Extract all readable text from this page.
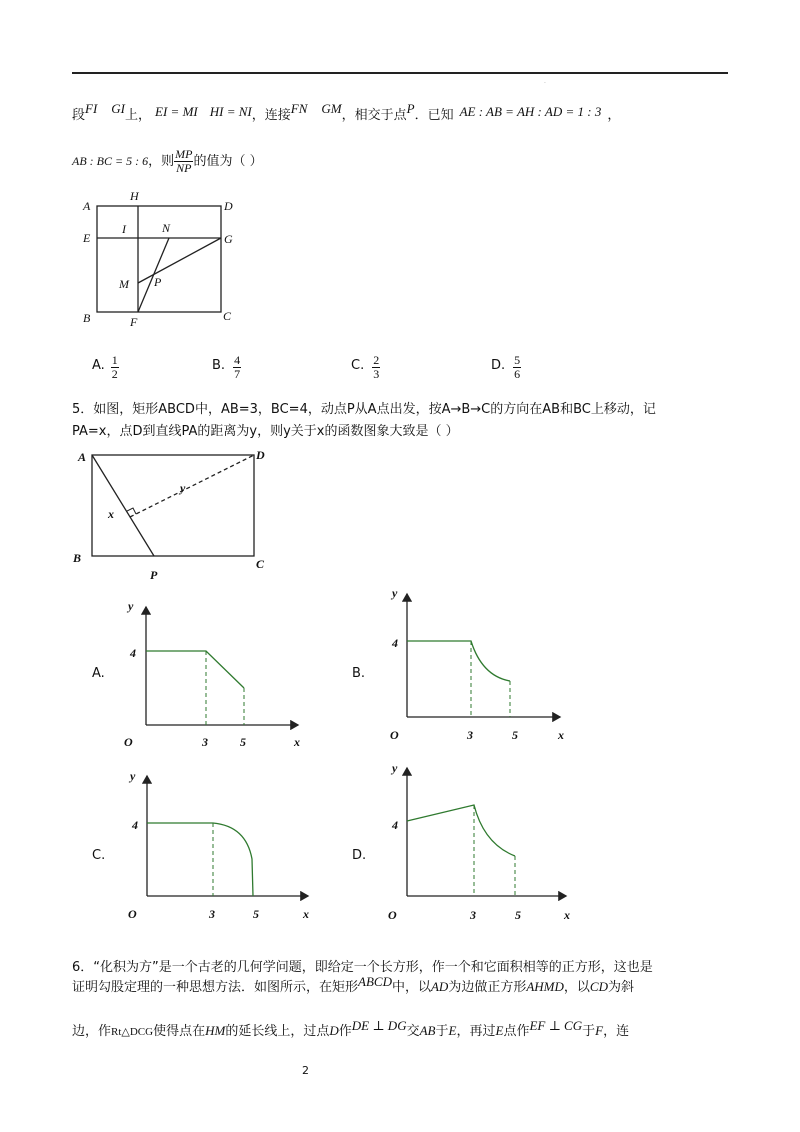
·
段FI GI上， EI = MI HI = NI，连接FN GM，相交于点P．已知 AE : AB = AH : AD = 1 : 3 ，
AB : BC = 5 : 6，则 $\frac{MP}{NP}$ 的值为（ ）
A
H
D
E
I	N
G
M P
B	F	C
A. $\frac{1}{2}$	B. $\frac{4}{7}$	C. $\frac{2}{3}$	D. $\frac{5}{6}$
5．如图，矩形ABCD中，AB=3，BC=4，动点P从A点出发，按A→B→C的方向在AB和BC上移动，记
PA=x，点D到直线PA的距离为y，则y关于x的函数图象大致是（ ）
A	D
y
x
B
P
C
A.	B.
C.	D.
y
4
O	3	5	x
y
4
O	3	5	x
y
4
O	3	5	x
y
4
O	3	5	x
6．“化积为方”是一个古老的几何学问题，即给定一个长方形，作一个和它面积相等的正方形，这也是
证明勾股定理的一种思想方法．如图所示，在矩形ABCD中，以AD为边做正方形AHMD，以CD为斜
边，作Rt△DCG使得点在HM的延长线上，过点D作DE ⊥ DG交AB于E，再过E点作EF ⊥ CG于F，连
2
